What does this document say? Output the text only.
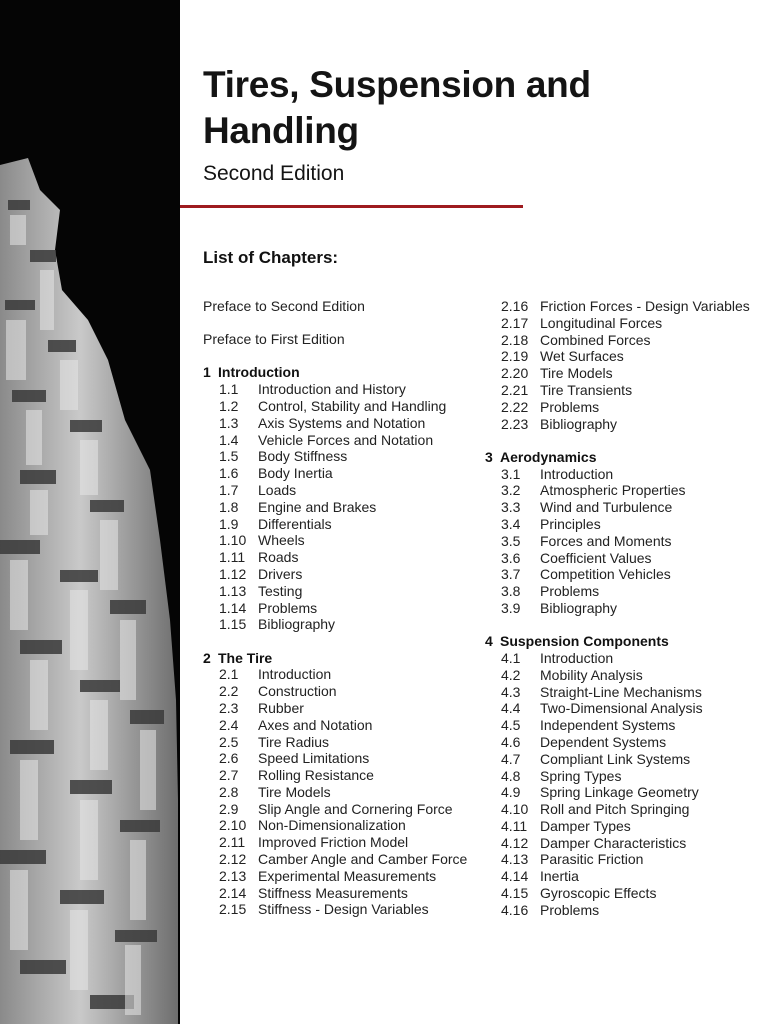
Tires, Suspension and Handling
Second Edition
List of Chapters:
Preface to Second Edition
Preface to First Edition
1 Introduction
1.1	Introduction and History
1.2	Control, Stability and Handling
1.3	Axis Systems and Notation
1.4	Vehicle Forces and Notation
1.5	Body Stiffness
1.6	Body Inertia
1.7	Loads
1.8	Engine and Brakes
1.9	Differentials
1.10 Wheels
1.11 Roads
1.12 Drivers
1.13 Testing
1.14 Problems
1.15 Bibliography
2 The Tire
2.1	Introduction
2.2	Construction
2.3	Rubber
2.4	Axes and Notation
2.5	Tire Radius
2.6	Speed Limitations
2.7	Rolling Resistance
2.8	Tire Models
2.9	Slip Angle and Cornering Force
2.10 Non-Dimensionalization
2.11 Improved Friction Model
2.12 Camber Angle and Camber Force
2.13 Experimental Measurements
2.14 Stiffness Measurements
2.15 Stiffness - Design Variables
2.16 Friction Forces - Design Variables
2.17 Longitudinal Forces
2.18 Combined Forces
2.19 Wet Surfaces
2.20 Tire Models
2.21 Tire Transients
2.22 Problems
2.23 Bibliography
3 Aerodynamics
3.1	Introduction
3.2	Atmospheric Properties
3.3	Wind and Turbulence
3.4	Principles
3.5	Forces and Moments
3.6	Coefficient Values
3.7	Competition Vehicles
3.8	Problems
3.9	Bibliography
4 Suspension Components
4.1	Introduction
4.2	Mobility Analysis
4.3	Straight-Line Mechanisms
4.4	Two-Dimensional Analysis
4.5	Independent Systems
4.6	Dependent Systems
4.7	Compliant Link Systems
4.8	Spring Types
4.9	Spring Linkage Geometry
4.10 Roll and Pitch Springing
4.11 Damper Types
4.12 Damper Characteristics
4.13 Parasitic Friction
4.14 Inertia
4.15 Gyroscopic Effects
4.16 Problems
